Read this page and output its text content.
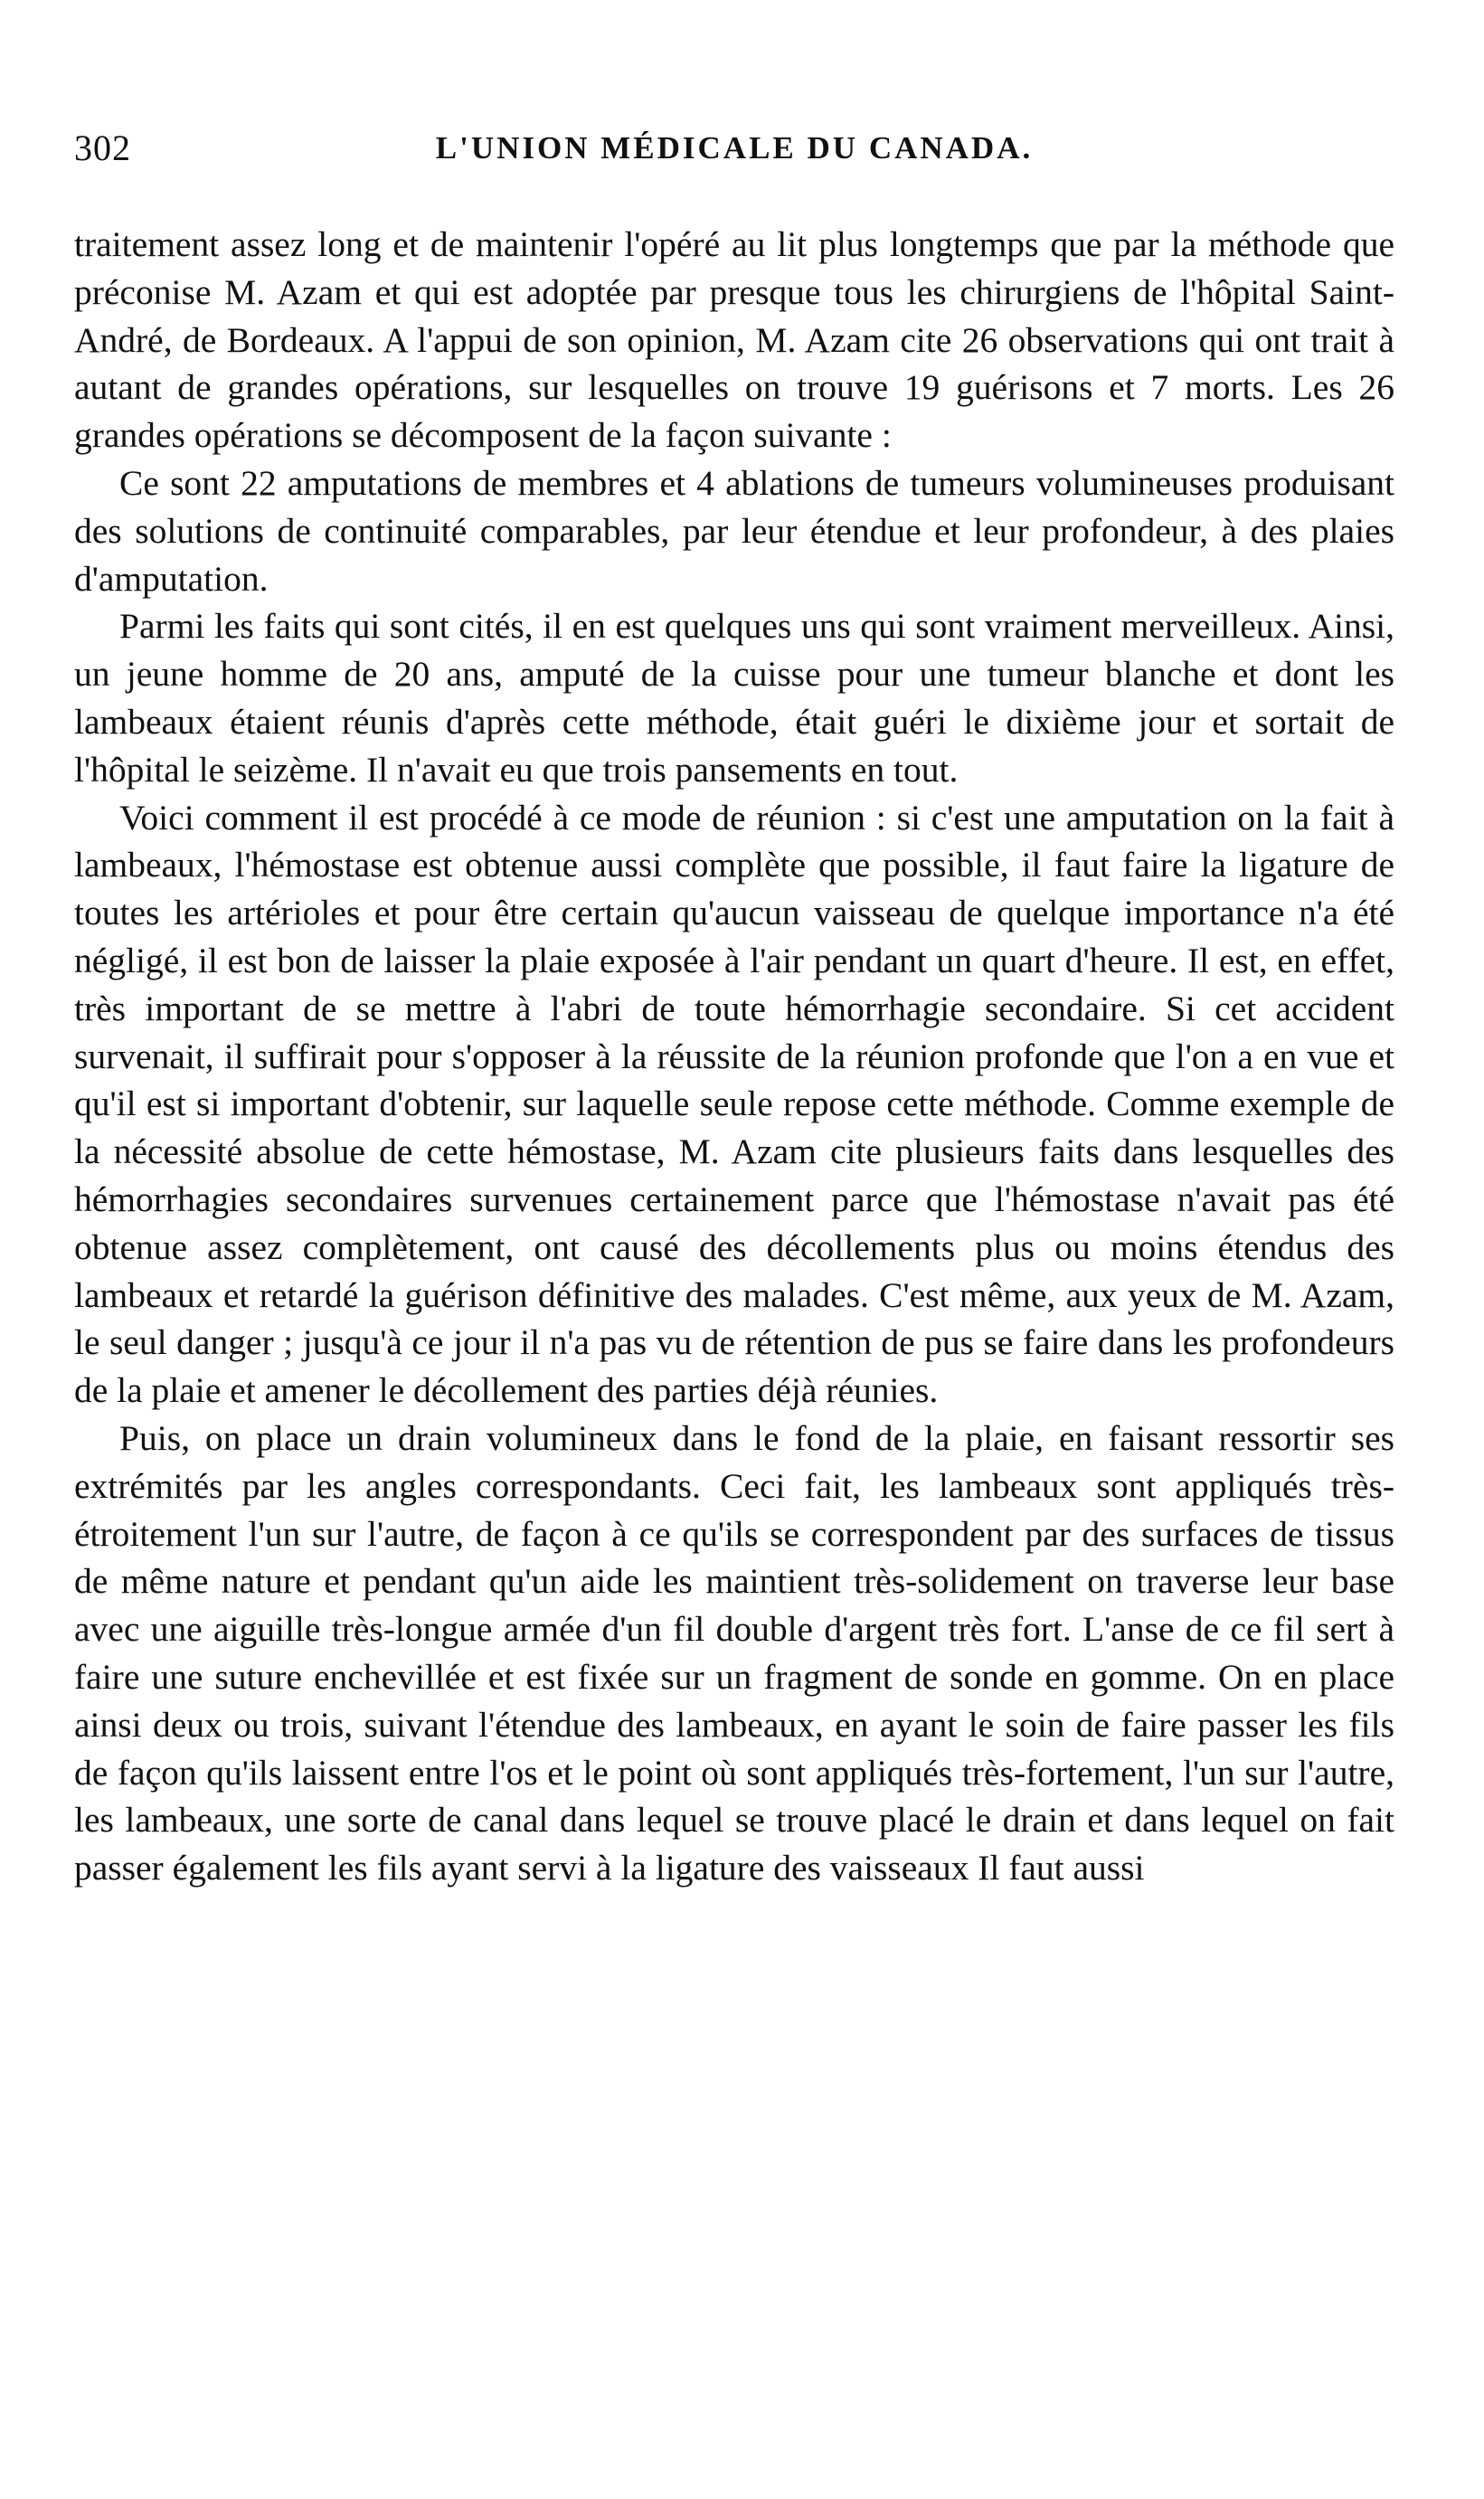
302	L'UNION MÉDICALE DU CANADA.

traitement assez long et de maintenir l'opéré au lit plus longtemps que par la méthode que préconise M. Azam et qui est adoptée par presque tous les chirurgiens de l'hôpital Saint-André, de Bordeaux. A l'appui de son opinion, M. Azam cite 26 observations qui ont trait à autant de grandes opérations, sur lesquelles on trouve 19 guérisons et 7 morts. Les 26 grandes opérations se décomposent de la façon suivante :

Ce sont 22 amputations de membres et 4 ablations de tumeurs volumineuses produisant des solutions de continuité comparables, par leur étendue et leur profondeur, à des plaies d'amputation.

Parmi les faits qui sont cités, il en est quelques uns qui sont vraiment merveilleux. Ainsi, un jeune homme de 20 ans, amputé de la cuisse pour une tumeur blanche et dont les lambeaux étaient réunis d'après cette méthode, était guéri le dixième jour et sortait de l'hôpital le seizème. Il n'avait eu que trois pansements en tout.

Voici comment il est procédé à ce mode de réunion : si c'est une amputation on la fait à lambeaux, l'hémostase est obtenue aussi complète que possible, il faut faire la ligature de toutes les artérioles et pour être certain qu'aucun vaisseau de quelque importance n'a été négligé, il est bon de laisser la plaie exposée à l'air pendant un quart d'heure. Il est, en effet, très important de se mettre à l'abri de toute hémorrhagie secondaire. Si cet accident survenait, il suffirait pour s'opposer à la réussite de la réunion profonde que l'on a en vue et qu'il est si important d'obtenir, sur laquelle seule repose cette méthode. Comme exemple de la nécessité absolue de cette hémostase, M. Azam cite plusieurs faits dans lesquelles des hémorrhagies secondaires survenues certainement parce que l'hémostase n'avait pas été obtenue assez complètement, ont causé des décollements plus ou moins étendus des lambeaux et retardé la guérison définitive des malades. C'est même, aux yeux de M. Azam, le seul danger ; jusqu'à ce jour il n'a pas vu de rétention de pus se faire dans les profondeurs de la plaie et amener le décollement des parties déjà réunies.

Puis, on place un drain volumineux dans le fond de la plaie, en faisant ressortir ses extrémités par les angles correspondants. Ceci fait, les lambeaux sont appliqués très-étroitement l'un sur l'autre, de façon à ce qu'ils se correspondent par des surfaces de tissus de même nature et pendant qu'un aide les maintient très-solidement on traverse leur base avec une aiguille très-longue armée d'un fil double d'argent très fort. L'anse de ce fil sert à faire une suture enchevillée et est fixée sur un fragment de sonde en gomme. On en place ainsi deux ou trois, suivant l'étendue des lambeaux, en ayant le soin de faire passer les fils de façon qu'ils laissent entre l'os et le point où sont appliqués très-fortement, l'un sur l'autre, les lambeaux, une sorte de canal dans lequel se trouve placé le drain et dans lequel on fait passer également les fils ayant servi à la ligature des vaisseaux Il faut aussi
